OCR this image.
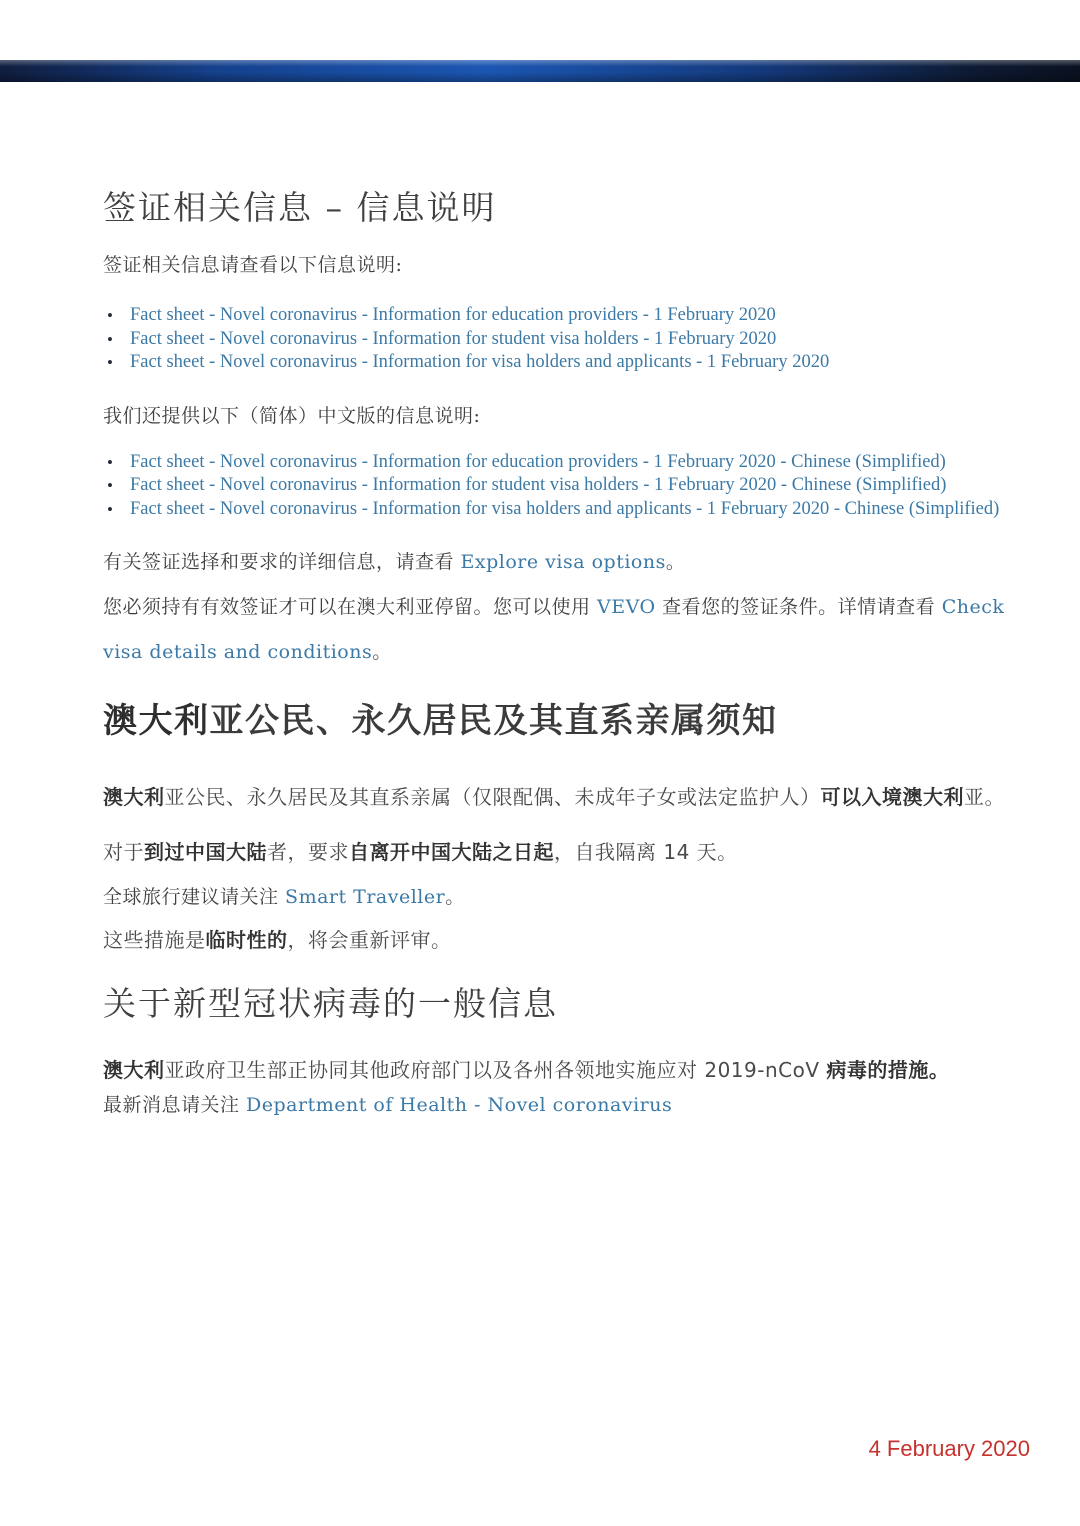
签证相关信息 – 信息说明

签证相关信息请查看以下信息说明:

• Fact sheet - Novel coronavirus - Information for education providers - 1 February 2020
• Fact sheet - Novel coronavirus - Information for student visa holders - 1 February 2020
• Fact sheet - Novel coronavirus - Information for visa holders and applicants - 1 February 2020

我们还提供以下（简体）中文版的信息说明:

• Fact sheet - Novel coronavirus - Information for education providers - 1 February 2020 - Chinese (Simplified)
• Fact sheet - Novel coronavirus - Information for student visa holders - 1 February 2020 - Chinese (Simplified)
• Fact sheet - Novel coronavirus - Information for visa holders and applicants - 1 February 2020 - Chinese (Simplified)

有关签证选择和要求的详细信息，请查看 Explore visa options。

您必须持有有效签证才可以在澳大利亚停留。您可以使用 VEVO 查看您的签证条件。详情请查看 Check visa details and conditions。

澳大利亚公民、永久居民及其直系亲属须知

澳大利亚公民、永久居民及其直系亲属（仅限配偶、未成年子女或法定监护人）可以入境澳大利亚。

对于到过中国大陆者，要求自离开中国大陆之日起，自我隔离 14 天。

全球旅行建议请关注 Smart Traveller。

这些措施是临时性的，将会重新评审。

关于新型冠状病毒的一般信息

澳大利亚政府卫生部正协同其他政府部门以及各州各领地实施应对 2019-nCoV 病毒的措施。

最新消息请关注 Department of Health - Novel coronavirus

4 February 2020
